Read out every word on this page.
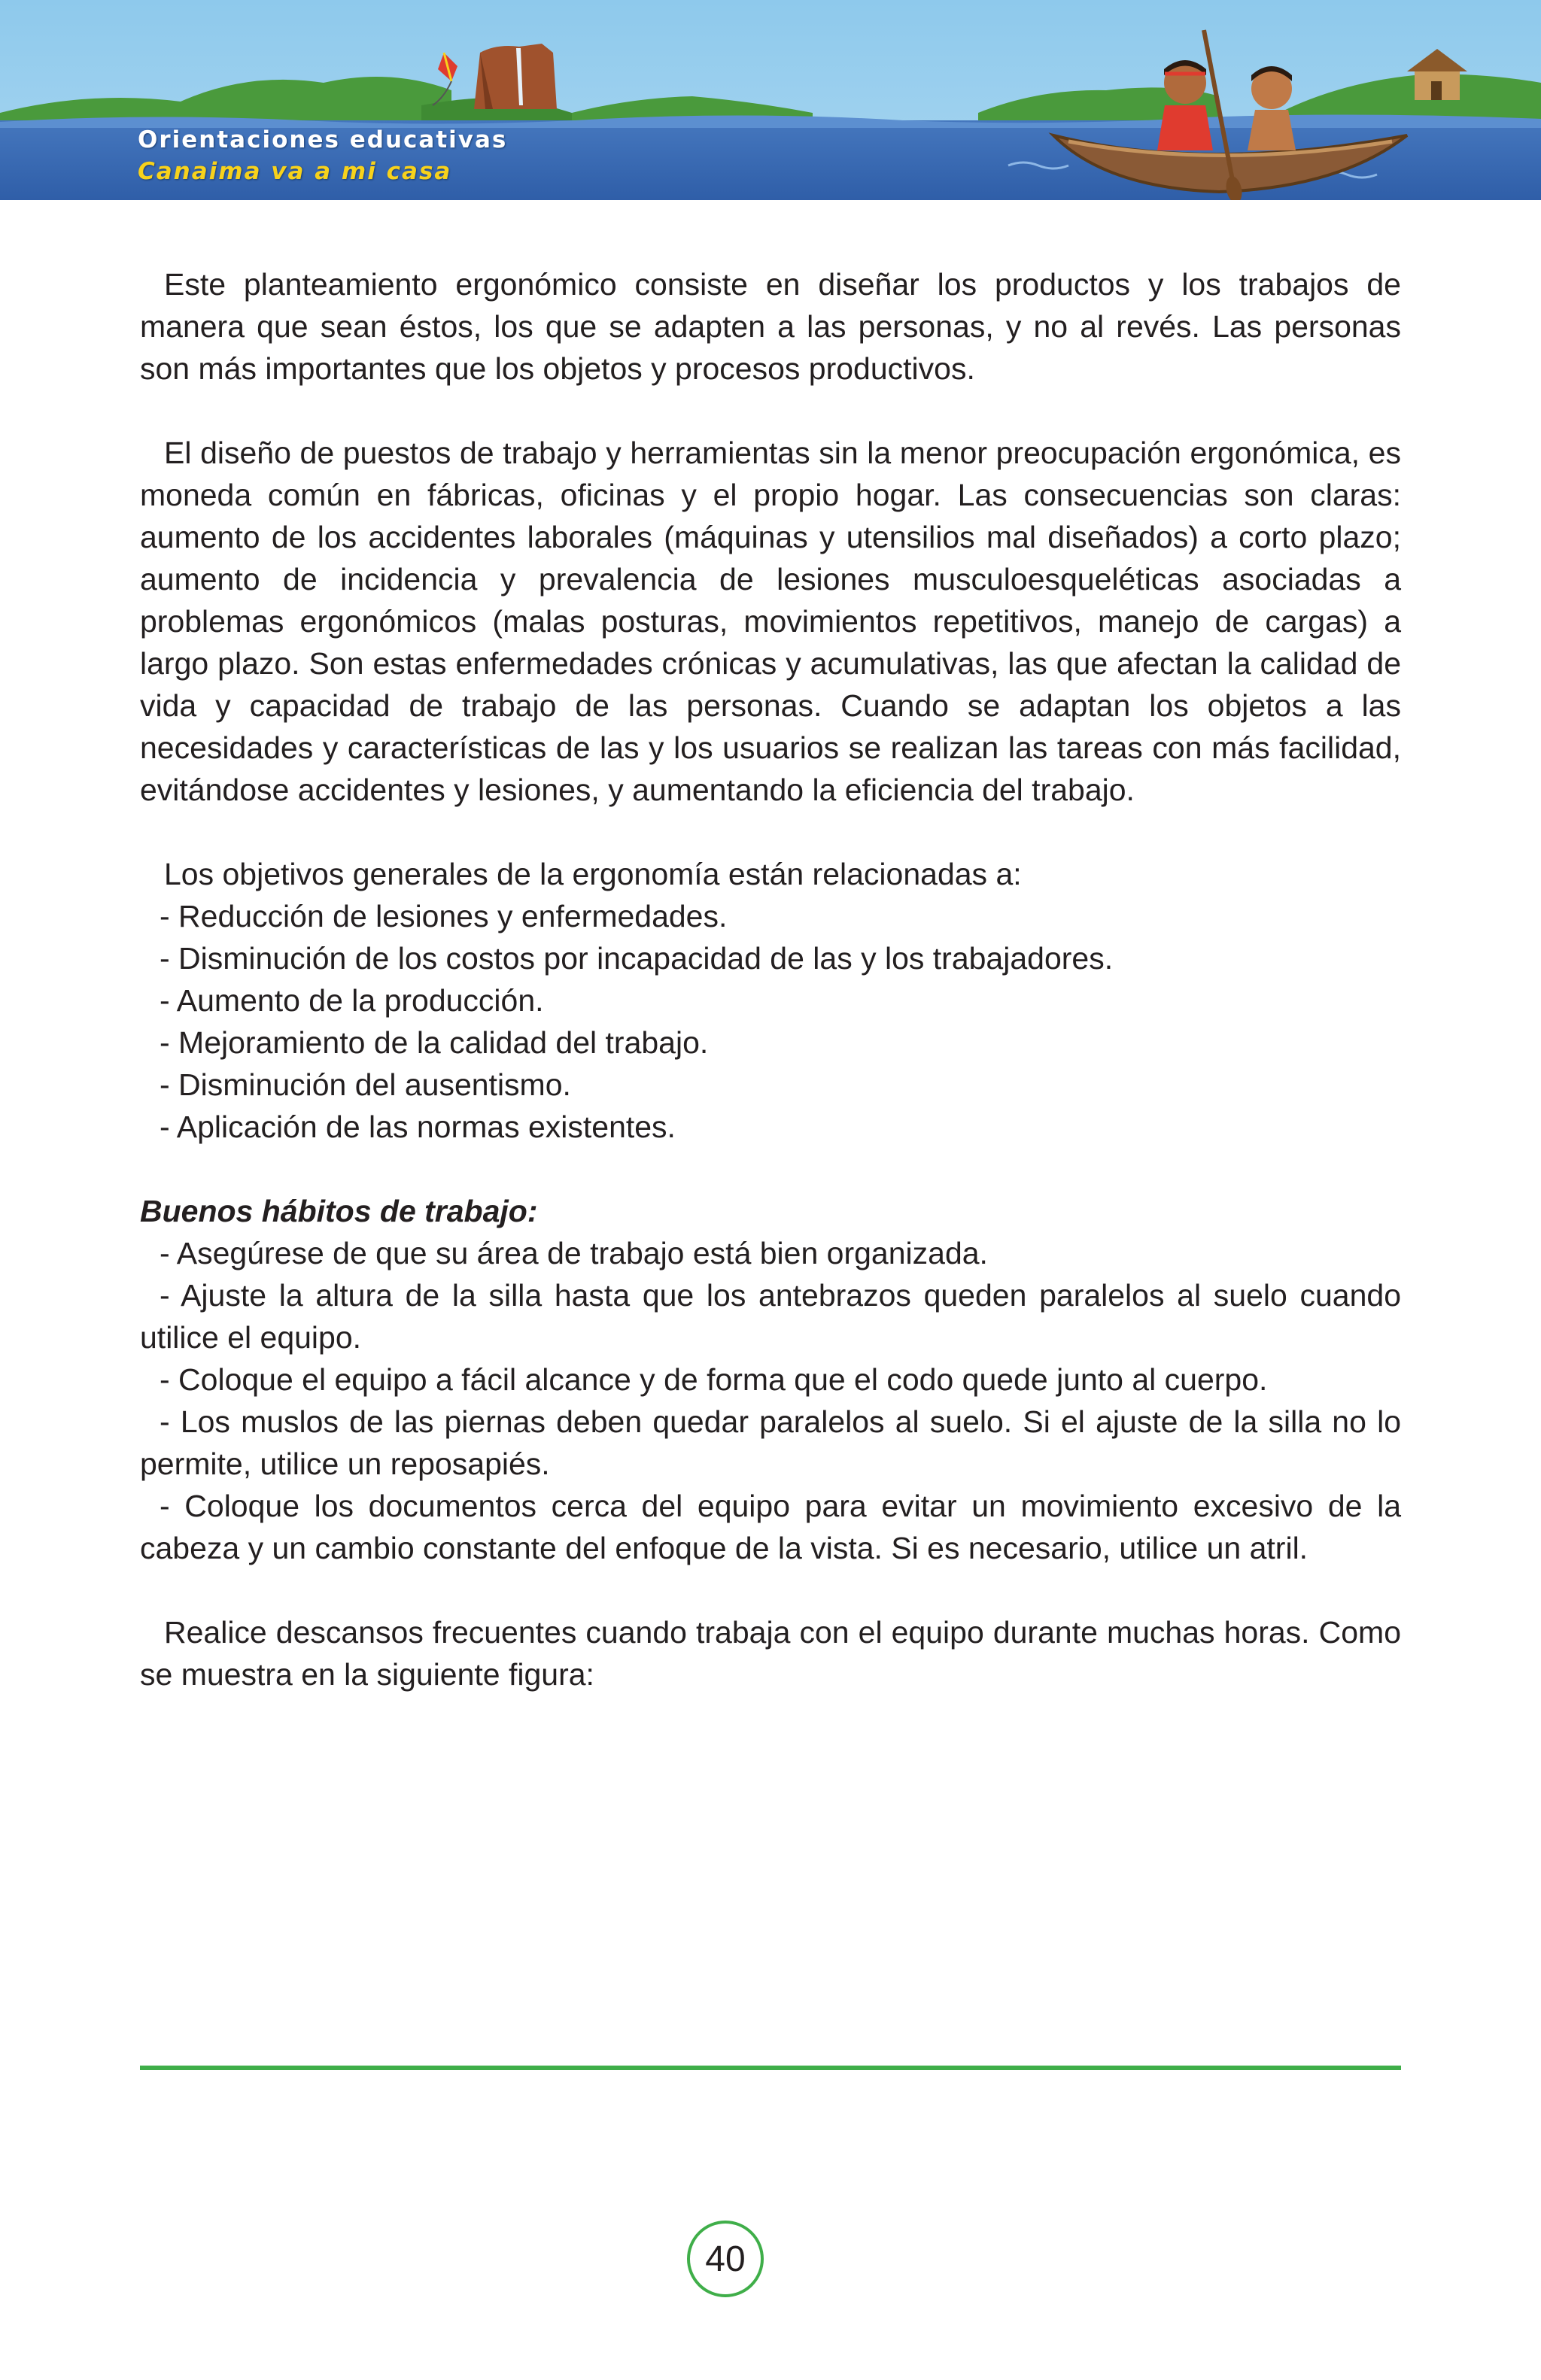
Orientaciones educativas
Canaima va a mi casa

Este planteamiento ergonómico consiste en diseñar los productos y los trabajos de manera que sean éstos, los que se adapten a las personas, y no al revés. Las personas son más importantes que los objetos y procesos productivos.

El diseño de puestos de trabajo y herramientas sin la menor preocupación ergonómica, es moneda común en fábricas, oficinas y el propio hogar. Las consecuencias son claras: aumento de los accidentes laborales (máquinas y utensilios mal diseñados) a corto plazo; aumento de incidencia y prevalencia de lesiones musculoesqueléticas asociadas a problemas ergonómicos (malas posturas, movimientos repetitivos, manejo de cargas) a largo plazo. Son estas enfermedades crónicas y acumulativas, las que afectan la calidad de vida y capacidad de trabajo de las personas. Cuando se adaptan los objetos a las necesidades y características de las y los usuarios se realizan las tareas con más facilidad, evitándose accidentes y lesiones, y aumentando la eficiencia del trabajo.

Los objetivos generales de la ergonomía están relacionadas a:

- Reducción de lesiones y enfermedades.

- Disminución de los costos por incapacidad de las y los trabajadores.

- Aumento de la producción.

- Mejoramiento de la calidad del trabajo.

- Disminución del ausentismo.

- Aplicación de las normas existentes.

Buenos hábitos de trabajo:

- Asegúrese de que su área de trabajo está bien organizada.

- Ajuste la altura de la silla hasta que los antebrazos queden paralelos al suelo cuando utilice el equipo.

- Coloque el equipo a fácil alcance y de forma que el codo quede junto al cuerpo.

- Los muslos de las piernas deben quedar paralelos al suelo. Si el ajuste de la silla no lo permite, utilice un reposapiés.

- Coloque los documentos cerca del equipo para evitar un movimiento excesivo de la cabeza y un cambio constante del enfoque de la vista. Si es necesario, utilice un atril.

Realice descansos frecuentes cuando trabaja con el equipo durante muchas horas. Como se muestra en la siguiente figura:

40
